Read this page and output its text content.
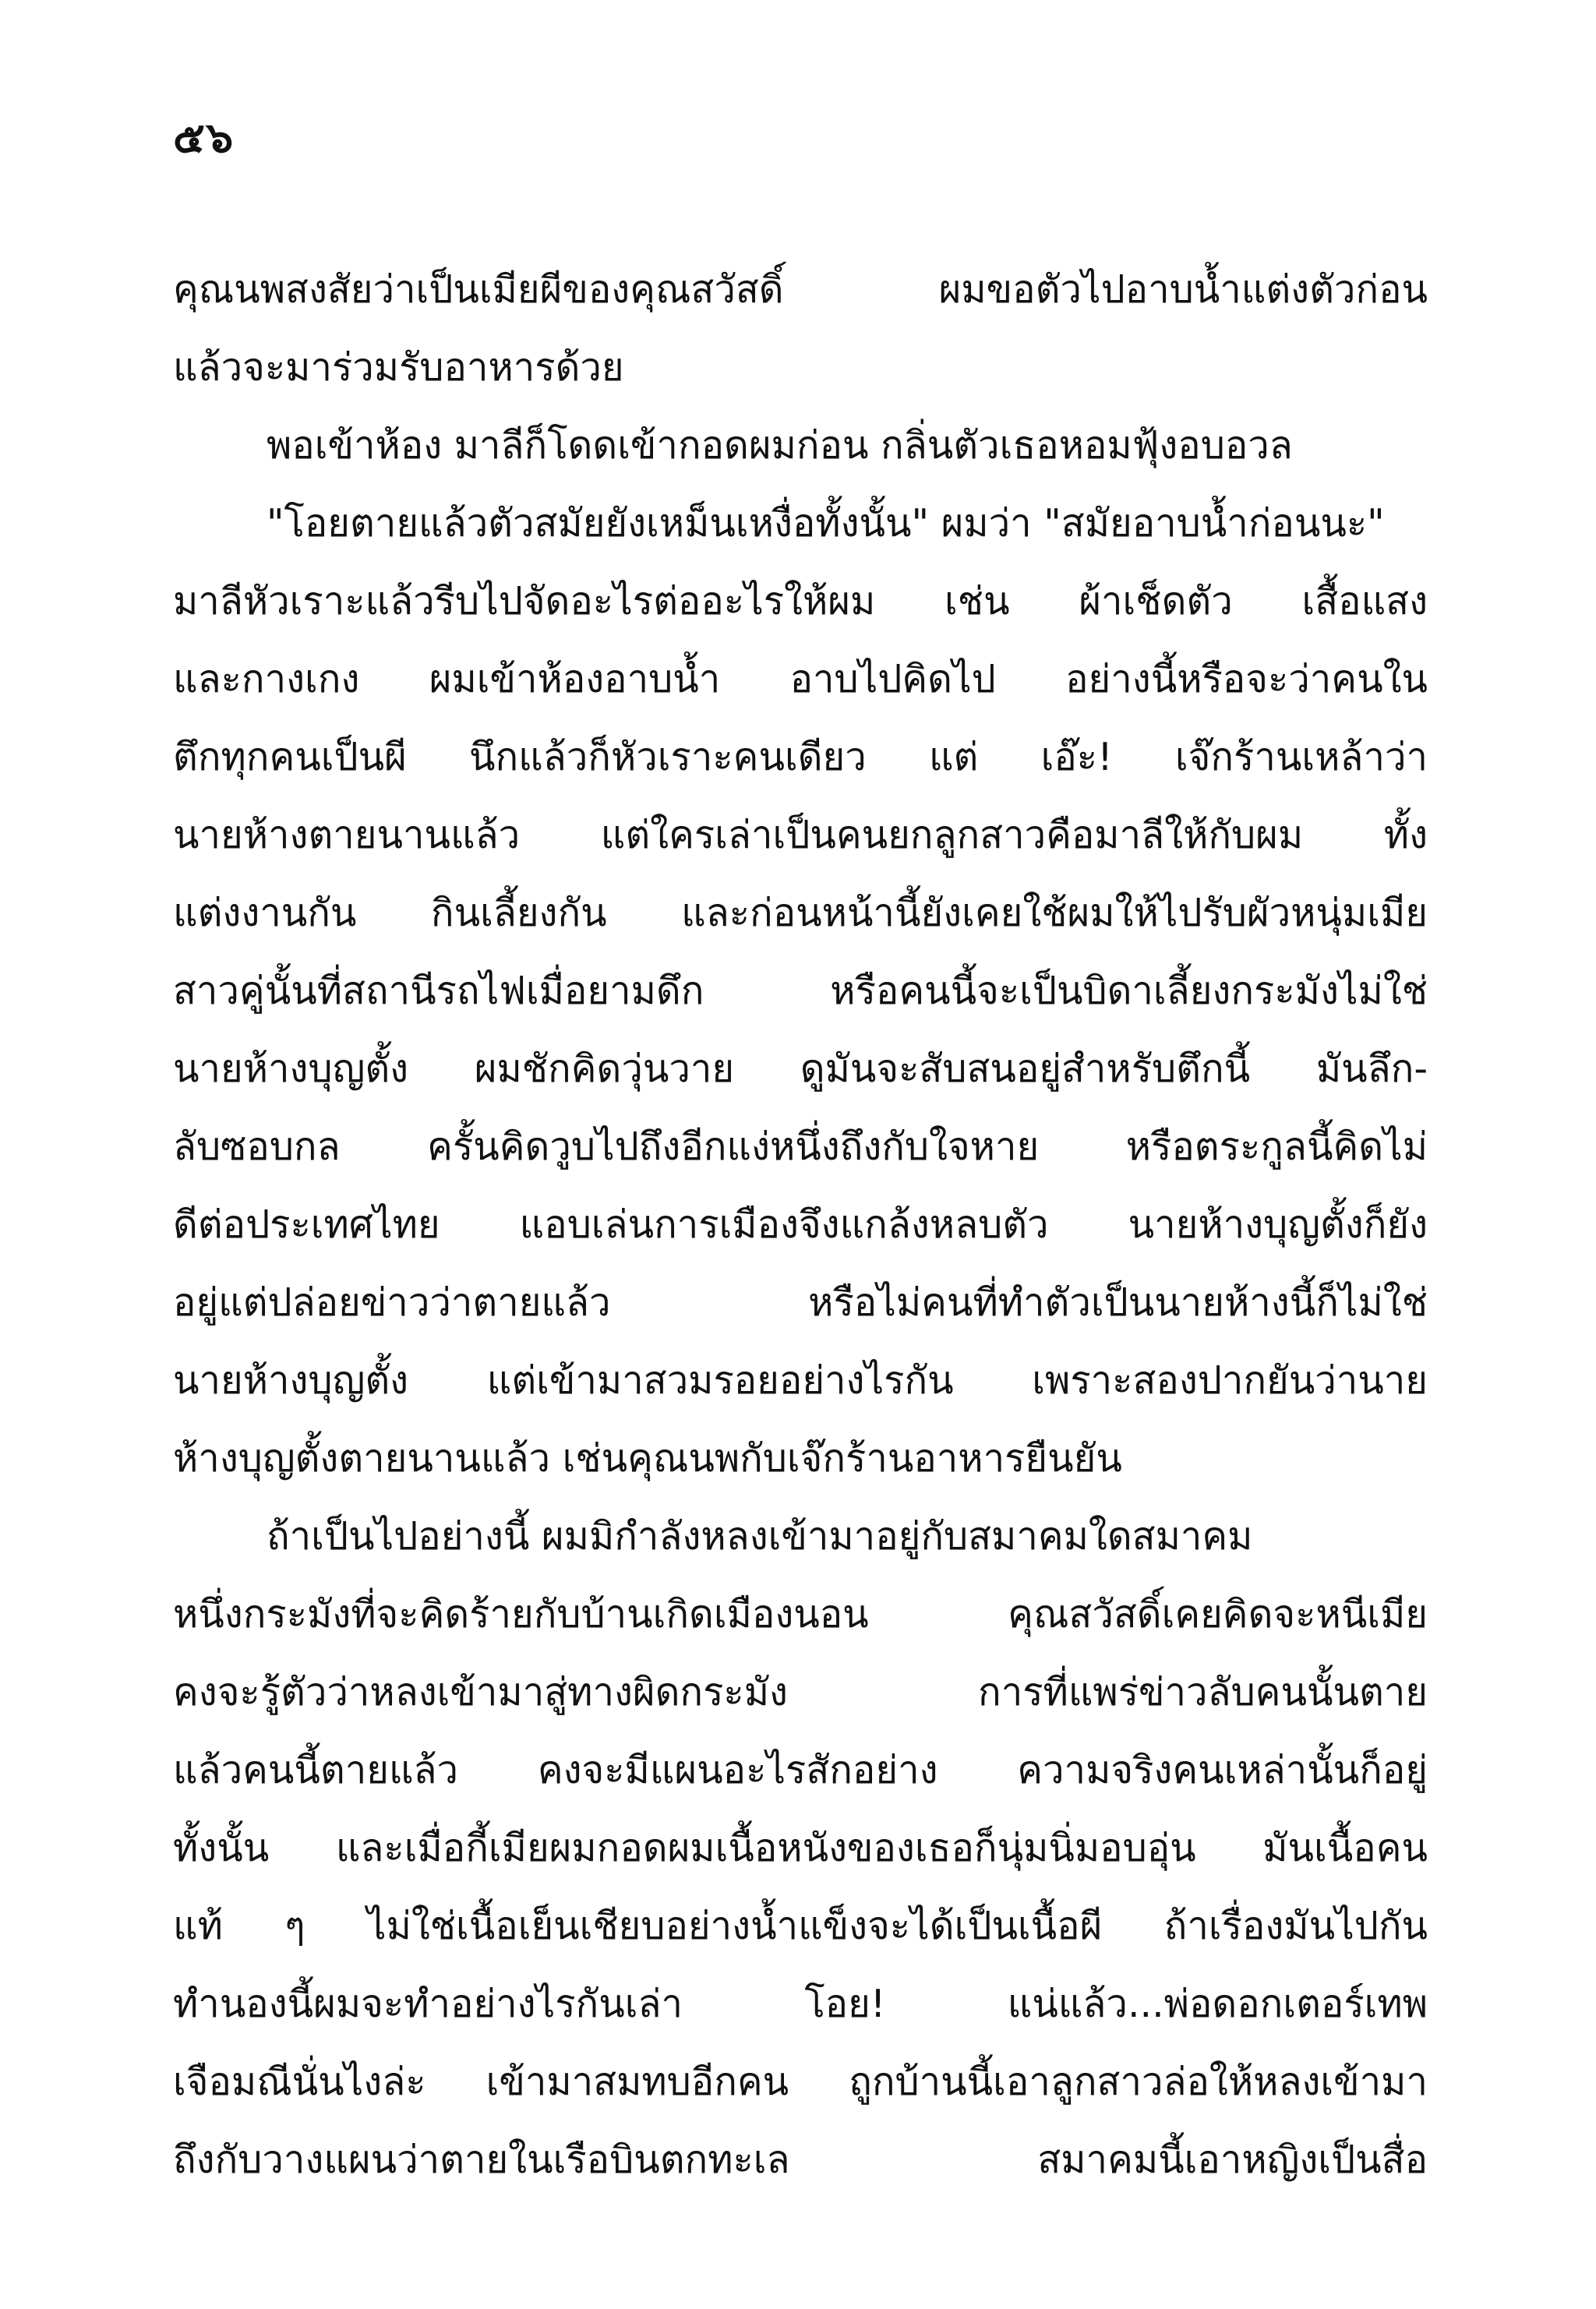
๕๖
คุณนพสงสัยว่าเป็นเมียผีของคุณสวัสดิ์ ผมขอตัวไปอาบน้ำแต่งตัวก่อน
แล้วจะมาร่วมรับอาหารด้วย
พอเข้าห้อง มาลีก็โดดเข้ากอดผมก่อน กลิ่นตัวเธอหอมฟุ้งอบอวล
"โอยตายแล้วตัวสมัยยังเหม็นเหงื่อทั้งนั้น" ผมว่า "สมัยอาบน้ำก่อนนะ"
มาลีหัวเราะแล้วรีบไปจัดอะไรต่ออะไรให้ผม เช่น ผ้าเช็ดตัว เสื้อแสง
และกางเกง ผมเข้าห้องอาบน้ำ อาบไปคิดไป อย่างนี้หรือจะว่าคนใน
ตึกทุกคนเป็นผี นึกแล้วก็หัวเราะคนเดียว แต่ เอ๊ะ! เจ๊กร้านเหล้าว่า
นายห้างตายนานแล้ว แต่ใครเล่าเป็นคนยกลูกสาวคือมาลีให้กับผม ทั้ง
แต่งงานกัน กินเลี้ยงกัน และก่อนหน้านี้ยังเคยใช้ผมให้ไปรับผัวหนุ่มเมีย
สาวคู่นั้นที่สถานีรถไฟเมื่อยามดึก หรือคนนี้จะเป็นบิดาเลี้ยงกระมังไม่ใช่
นายห้างบุญตั้ง ผมชักคิดวุ่นวาย ดูมันจะสับสนอยู่สำหรับตึกนี้ มันลึก-
ลับซอบกล ครั้นคิดวูบไปถึงอีกแง่หนึ่งถึงกับใจหาย หรือตระกูลนี้คิดไม่
ดีต่อประเทศไทย แอบเล่นการเมืองจึงแกล้งหลบตัว นายห้างบุญตั้งก็ยัง
อยู่แต่ปล่อยข่าวว่าตายแล้ว หรือไม่คนที่ทำตัวเป็นนายห้างนี้ก็ไม่ใช่
นายห้างบุญตั้ง แต่เข้ามาสวมรอยอย่างไรกัน เพราะสองปากยันว่านาย
ห้างบุญตั้งตายนานแล้ว เช่นคุณนพกับเจ๊กร้านอาหารยืนยัน
ถ้าเป็นไปอย่างนี้ ผมมิกำลังหลงเข้ามาอยู่กับสมาคมใดสมาคม
หนึ่งกระมังที่จะคิดร้ายกับบ้านเกิดเมืองนอน คุณสวัสดิ์เคยคิดจะหนีเมีย
คงจะรู้ตัวว่าหลงเข้ามาสู่ทางผิดกระมัง การที่แพร่ข่าวลับคนนั้นตาย
แล้วคนนี้ตายแล้ว คงจะมีแผนอะไรสักอย่าง ความจริงคนเหล่านั้นก็อยู่
ทั้งนั้น และเมื่อกี้เมียผมกอดผมเนื้อหนังของเธอก็นุ่มนิ่มอบอุ่น มันเนื้อคน
แท้ ๆ ไม่ใช่เนื้อเย็นเชียบอย่างน้ำแข็งจะได้เป็นเนื้อผี ถ้าเรื่องมันไปกัน
ทำนองนี้ผมจะทำอย่างไรกันเล่า โอย! แน่แล้ว...พ่อดอกเตอร์เทพ
เจือมณีนั่นไงล่ะ เข้ามาสมทบอีกคน ถูกบ้านนี้เอาลูกสาวล่อให้หลงเข้ามา
ถึงกับวางแผนว่าตายในเรือบินตกทะเล สมาคมนี้เอาหญิงเป็นสื่อ
